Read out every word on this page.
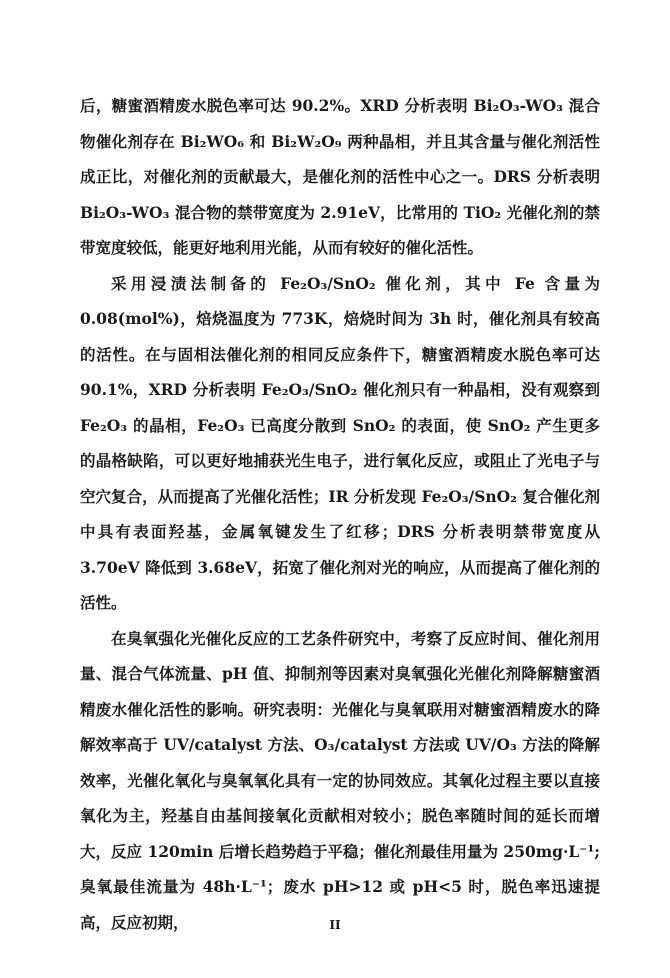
后，糖蜜酒精废水脱色率可达 90.2%。XRD 分析表明 Bi₂O₃-WO₃ 混合物催化剂存在 Bi₂WO₆ 和 Bi₂W₂O₉ 两种晶相，并且其含量与催化剂活性成正比，对催化剂的贡献最大，是催化剂的活性中心之一。DRS 分析表明 Bi₂O₃-WO₃ 混合物的禁带宽度为 2.91eV，比常用的 TiO₂ 光催化剂的禁带宽度较低，能更好地利用光能，从而有较好的催化活性。

采用浸渍法制备的 Fe₂O₃/SnO₂ 催化剂，其中 Fe 含量为 0.08(mol%)，焙烧温度为 773K，焙烧时间为 3h 时，催化剂具有较高的活性。在与固相法催化剂的相同反应条件下，糖蜜酒精废水脱色率可达 90.1%，XRD 分析表明 Fe₂O₃/SnO₂ 催化剂只有一种晶相，没有观察到 Fe₂O₃ 的晶相，Fe₂O₃ 已高度分散到 SnO₂ 的表面，使 SnO₂ 产生更多的晶格缺陷，可以更好地捕获光生电子，进行氧化反应，或阻止了光电子与空穴复合，从而提高了光催化活性；IR 分析发现 Fe₂O₃/SnO₂ 复合催化剂中具有表面羟基，金属氧键发生了红移；DRS 分析表明禁带宽度从 3.70eV 降低到 3.68eV，拓宽了催化剂对光的响应，从而提高了催化剂的活性。

在臭氧强化光催化反应的工艺条件研究中，考察了反应时间、催化剂用量、混合气体流量、pH 值、抑制剂等因素对臭氧强化光催化剂降解糖蜜酒精废水催化活性的影响。研究表明：光催化与臭氧联用对糖蜜酒精废水的降解效率高于 UV/catalyst 方法、O₃/catalyst 方法或 UV/O₃ 方法的降解效率，光催化氧化与臭氧氧化具有一定的协同效应。其氧化过程主要以直接氧化为主，羟基自由基间接氧化贡献相对较小；脱色率随时间的延长而增大，反应 120min 后增长趋势趋于平稳；催化剂最佳用量为 250mg·L⁻¹;臭氧最佳流量为 48h·L⁻¹；废水 pH>12 或 pH<5 时，脱色率迅速提高，反应初期，	II
